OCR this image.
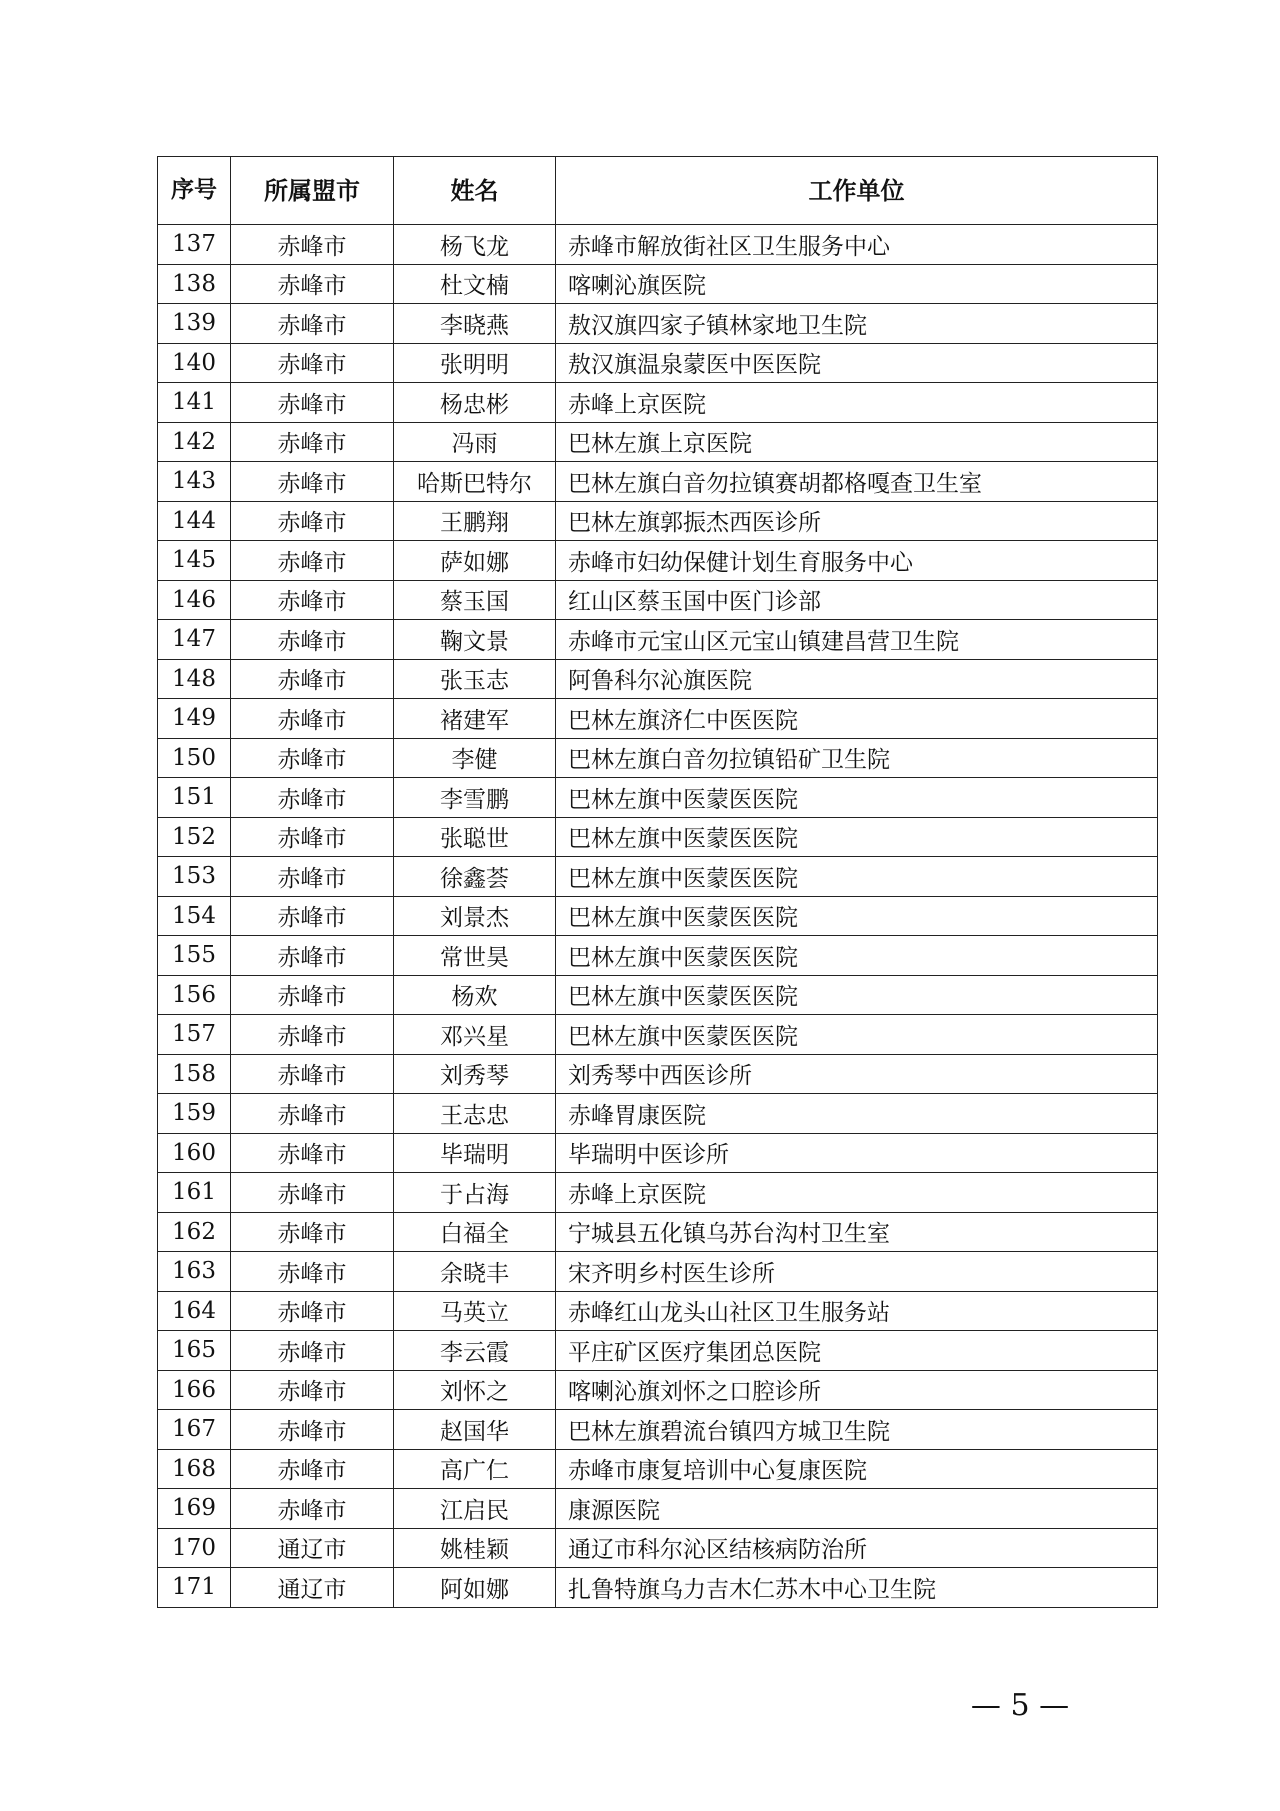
序号	所属盟市	姓名	工作单位
137	赤峰市	杨飞龙	赤峰市解放街社区卫生服务中心
138	赤峰市	杜文楠	喀喇沁旗医院
139	赤峰市	李晓燕	敖汉旗四家子镇林家地卫生院
140	赤峰市	张明明	敖汉旗温泉蒙医中医医院
141	赤峰市	杨忠彬	赤峰上京医院
142	赤峰市	冯雨	巴林左旗上京医院
143	赤峰市	哈斯巴特尔	巴林左旗白音勿拉镇赛胡都格嘎查卫生室
144	赤峰市	王鹏翔	巴林左旗郭振杰西医诊所
145	赤峰市	萨如娜	赤峰市妇幼保健计划生育服务中心
146	赤峰市	蔡玉国	红山区蔡玉国中医门诊部
147	赤峰市	鞠文景	赤峰市元宝山区元宝山镇建昌营卫生院
148	赤峰市	张玉志	阿鲁科尔沁旗医院
149	赤峰市	褚建军	巴林左旗济仁中医医院
150	赤峰市	李健	巴林左旗白音勿拉镇铅矿卫生院
151	赤峰市	李雪鹏	巴林左旗中医蒙医医院
152	赤峰市	张聪世	巴林左旗中医蒙医医院
153	赤峰市	徐鑫荟	巴林左旗中医蒙医医院
154	赤峰市	刘景杰	巴林左旗中医蒙医医院
155	赤峰市	常世昊	巴林左旗中医蒙医医院
156	赤峰市	杨欢	巴林左旗中医蒙医医院
157	赤峰市	邓兴星	巴林左旗中医蒙医医院
158	赤峰市	刘秀琴	刘秀琴中西医诊所
159	赤峰市	王志忠	赤峰胃康医院
160	赤峰市	毕瑞明	毕瑞明中医诊所
161	赤峰市	于占海	赤峰上京医院
162	赤峰市	白福全	宁城县五化镇乌苏台沟村卫生室
163	赤峰市	余晓丰	宋齐明乡村医生诊所
164	赤峰市	马英立	赤峰红山龙头山社区卫生服务站
165	赤峰市	李云霞	平庄矿区医疗集团总医院
166	赤峰市	刘怀之	喀喇沁旗刘怀之口腔诊所
167	赤峰市	赵国华	巴林左旗碧流台镇四方城卫生院
168	赤峰市	高广仁	赤峰市康复培训中心复康医院
169	赤峰市	江启民	康源医院
170	通辽市	姚桂颖	通辽市科尔沁区结核病防治所
171	通辽市	阿如娜	扎鲁特旗乌力吉木仁苏木中心卫生院
— 5 —
